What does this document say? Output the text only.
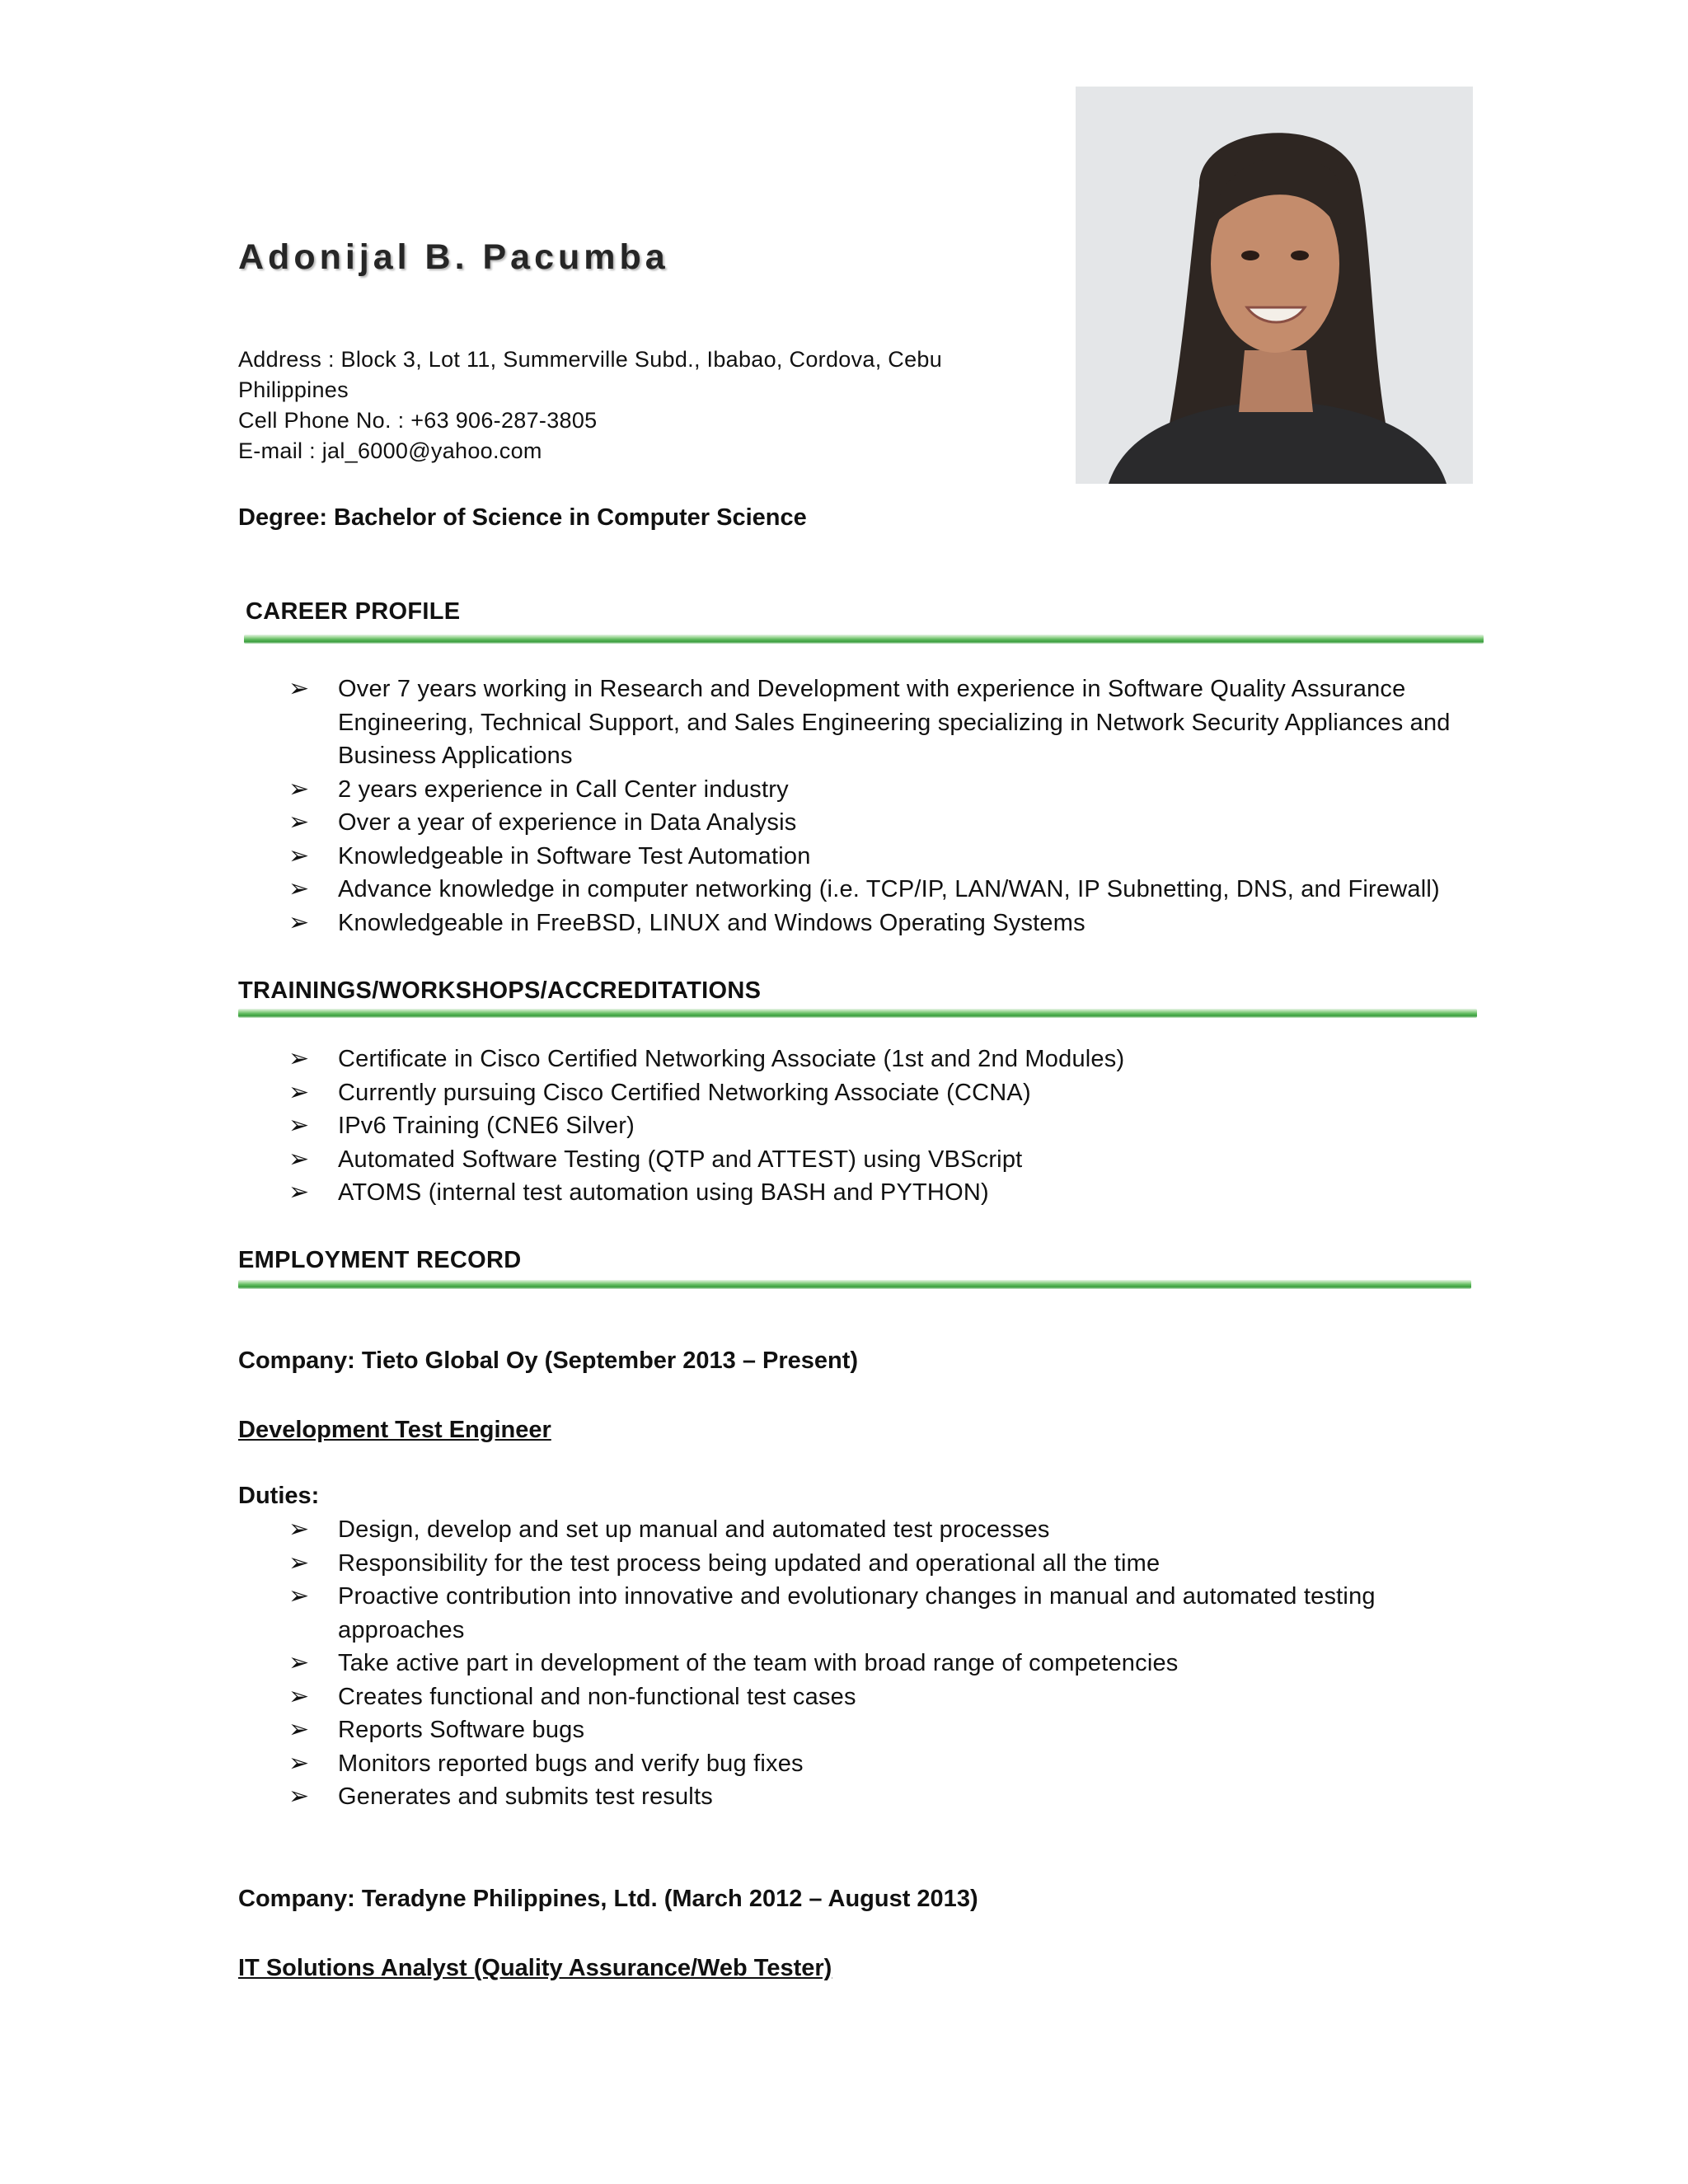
Adonijal B. Pacumba
Address : Block 3, Lot 11, Summerville Subd., Ibabao, Cordova, Cebu
Philippines
Cell Phone No. : +63 906-287-3805
E-mail : jal_6000@yahoo.com
Degree: Bachelor of Science in Computer Science
CAREER PROFILE
➢ Over 7 years working in Research and Development with experience in Software Quality Assurance Engineering, Technical Support, and Sales Engineering specializing in Network Security Appliances and Business Applications
➢ 2 years experience in Call Center industry
➢ Over a year of experience in Data Analysis
➢ Knowledgeable in Software Test Automation
➢ Advance knowledge in computer networking (i.e. TCP/IP, LAN/WAN, IP Subnetting, DNS, and Firewall)
➢ Knowledgeable in FreeBSD, LINUX and Windows Operating Systems
TRAININGS/WORKSHOPS/ACCREDITATIONS
➢ Certificate in Cisco Certified Networking Associate (1st and 2nd Modules)
➢ Currently pursuing Cisco Certified Networking Associate (CCNA)
➢ IPv6 Training (CNE6 Silver)
➢ Automated Software Testing (QTP and ATTEST) using VBScript
➢ ATOMS (internal test automation using BASH and PYTHON)
EMPLOYMENT RECORD
Company: Tieto Global Oy (September 2013 – Present)
Development Test Engineer
Duties:
➢ Design, develop and set up manual and automated test processes
➢ Responsibility for the test process being updated and operational all the time
➢ Proactive contribution into innovative and evolutionary changes in manual and automated testing approaches
➢ Take active part in development of the team with broad range of competencies
➢ Creates functional and non-functional test cases
➢ Reports Software bugs
➢ Monitors reported bugs and verify bug fixes
➢ Generates and submits test results
Company: Teradyne Philippines, Ltd. (March 2012 – August 2013)
IT Solutions Analyst (Quality Assurance/Web Tester)
